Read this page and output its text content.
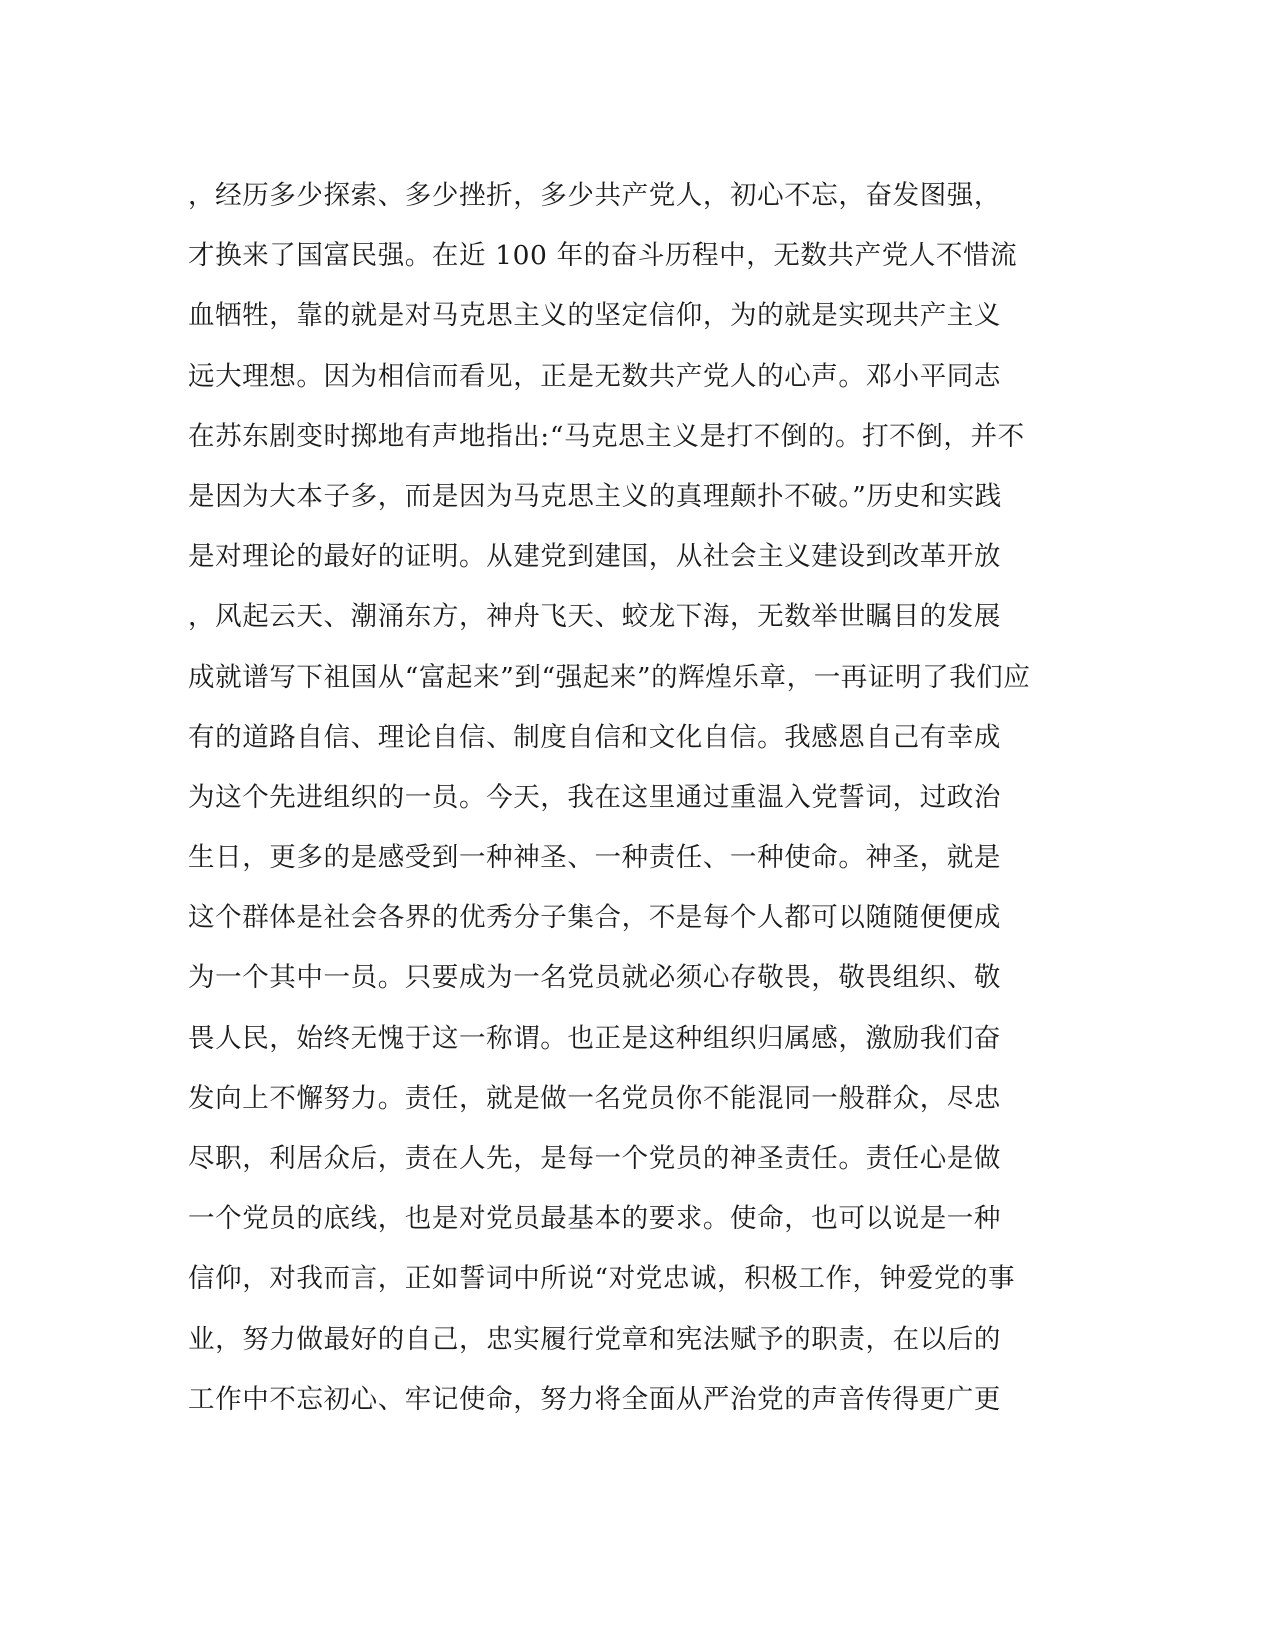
，经历多少探索、多少挫折，多少共产党人，初心不忘，奋发图强，
才换来了国富民强。在近 100 年的奋斗历程中，无数共产党人不惜流
血牺牲，靠的就是对马克思主义的坚定信仰，为的就是实现共产主义
远大理想。因为相信而看见，正是无数共产党人的心声。邓小平同志
在苏东剧变时掷地有声地指出:“马克思主义是打不倒的。打不倒，并不
是因为大本子多，而是因为马克思主义的真理颠扑不破。”历史和实践
是对理论的最好的证明。从建党到建国，从社会主义建设到改革开放
，风起云天、潮涌东方，神舟飞天、蛟龙下海，无数举世瞩目的发展
成就谱写下祖国从“富起来”到“强起来”的辉煌乐章，一再证明了我们应
有的道路自信、理论自信、制度自信和文化自信。我感恩自己有幸成
为这个先进组织的一员。今天，我在这里通过重温入党誓词，过政治
生日，更多的是感受到一种神圣、一种责任、一种使命。神圣，就是
这个群体是社会各界的优秀分子集合，不是每个人都可以随随便便成
为一个其中一员。只要成为一名党员就必须心存敬畏，敬畏组织、敬
畏人民，始终无愧于这一称谓。也正是这种组织归属感，激励我们奋
发向上不懈努力。责任，就是做一名党员你不能混同一般群众，尽忠
尽职，利居众后，责在人先，是每一个党员的神圣责任。责任心是做
一个党员的底线，也是对党员最基本的要求。使命，也可以说是一种
信仰，对我而言，正如誓词中所说“对党忠诚，积极工作，钟爱党的事
业，努力做最好的自己，忠实履行党章和宪法赋予的职责，在以后的
工作中不忘初心、牢记使命，努力将全面从严治党的声音传得更广更
